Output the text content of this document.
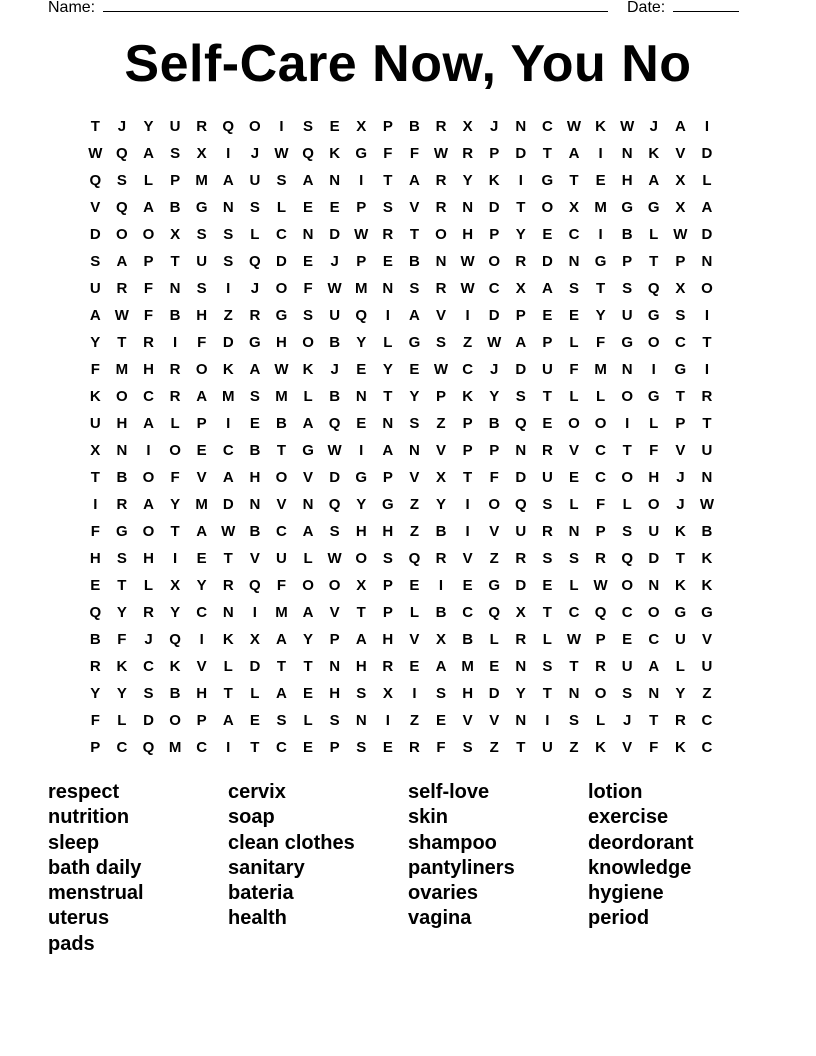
Name:	Date:
Self-Care Now, You No
T	J	Y	U	R	Q O	I	S	E	X	P	B	R	X	J	N	C W K W	J	A	I
W Q	A	S	X	I	J	W Q	K	G	F	F W R	P	D	T	A	I	N	K	V	D
Q	S	L	P	M A	U	S	A	N	I	T	A	R	Y	K	I	G	T	E	H	A	X	L
V	Q	A	B	G	N	S	L	E	E	P	S	V	R	N	D	T	O	X	M G G	X	A
D	O O	X	S	S	L	C	N	D W R	T	O	H	P	Y	E	C	I	B	L W D
S	A	P	T	U	S	Q	D	E	J	P	E	B	N W O	R	D	N	G	P	T	P	N
U	R	F	N	S	I	J	O	F W M N	S	R W C	X	A	S	T	S	Q	X	O
A W F	B	H	Z	R	G	S	U	Q	I	A	V	I	D	P	E	E	Y	U	G	S	I
Y	T	R	I	F	D	G	H	O	B	Y	L	G	S	Z W A	P	L	F	G O	C	T
F	M H	R	O	K	A W K	J	E	Y	E W C	J	D	U	F	M N	I	G	I
K	O	C	R	A M	S	M	L	B	N	T	Y	P	K	Y	S	T	L	L	O G	T	R
U	H	A	L	P	I	E	B	A	Q	E	N	S	Z	P	B	Q	E	O O	I	L	P	T
X	N	I	O	E	C	B	T	G W	I	A	N	V	P	P	N	R	V	C	T	F	V	U
T	B	O	F	V	A	H	O	V	D	G	P	V	X	T	F	D	U	E	C	O	H	J	N
I	R	A	Y	M D	N	V	N	Q	Y	G	Z	Y	I	O Q	S	L	F	L	O	J	W
F	G O	T	A W B	C	A	S	H	H	Z	B	I	V	U	R	N	P	S	U	K	B
H	S	H	I	E	T	V	U	L W O	S	Q	R	V	Z	R	S	S	R	Q	D	T	K
E	T	L	X	Y	R	Q	F	O O	X	P	E	I	E	G	D	E	L W O	N	K	K
Q	Y	R	Y	C	N	I	M A	V	T	P	L	B	C	Q	X	T	C	Q	C	O G G
B	F	J	Q	I	K	X	A	Y	P	A	H	V	X	B	L	R	L W P	E	C	U	V
R	K	C	K	V	L	D	T	T	N	H	R	E	A M	E	N	S	T	R	U	A	L	U
Y	Y	S	B	H	T	L	A	E	H	S	X	I	S	H	D	Y	T	N	O	S	N	Y	Z
F	L	D	O	P	A	E	S	L	S	N	I	Z	E	V	V	N	I	S	L	J	T	R	C
P	C	Q M C	I	T	C	E	P	S	E	R	F	S	Z	T	U	Z	K	V	F	K	C
respect
nutrition
sleep
bath daily
menstrual
uterus
pads
cervix
soap
clean clothes
sanitary
bateria
health
self-love
skin
shampoo
pantyliners
ovaries
vagina
lotion
exercise
deordorant
knowledge
hygiene
period
